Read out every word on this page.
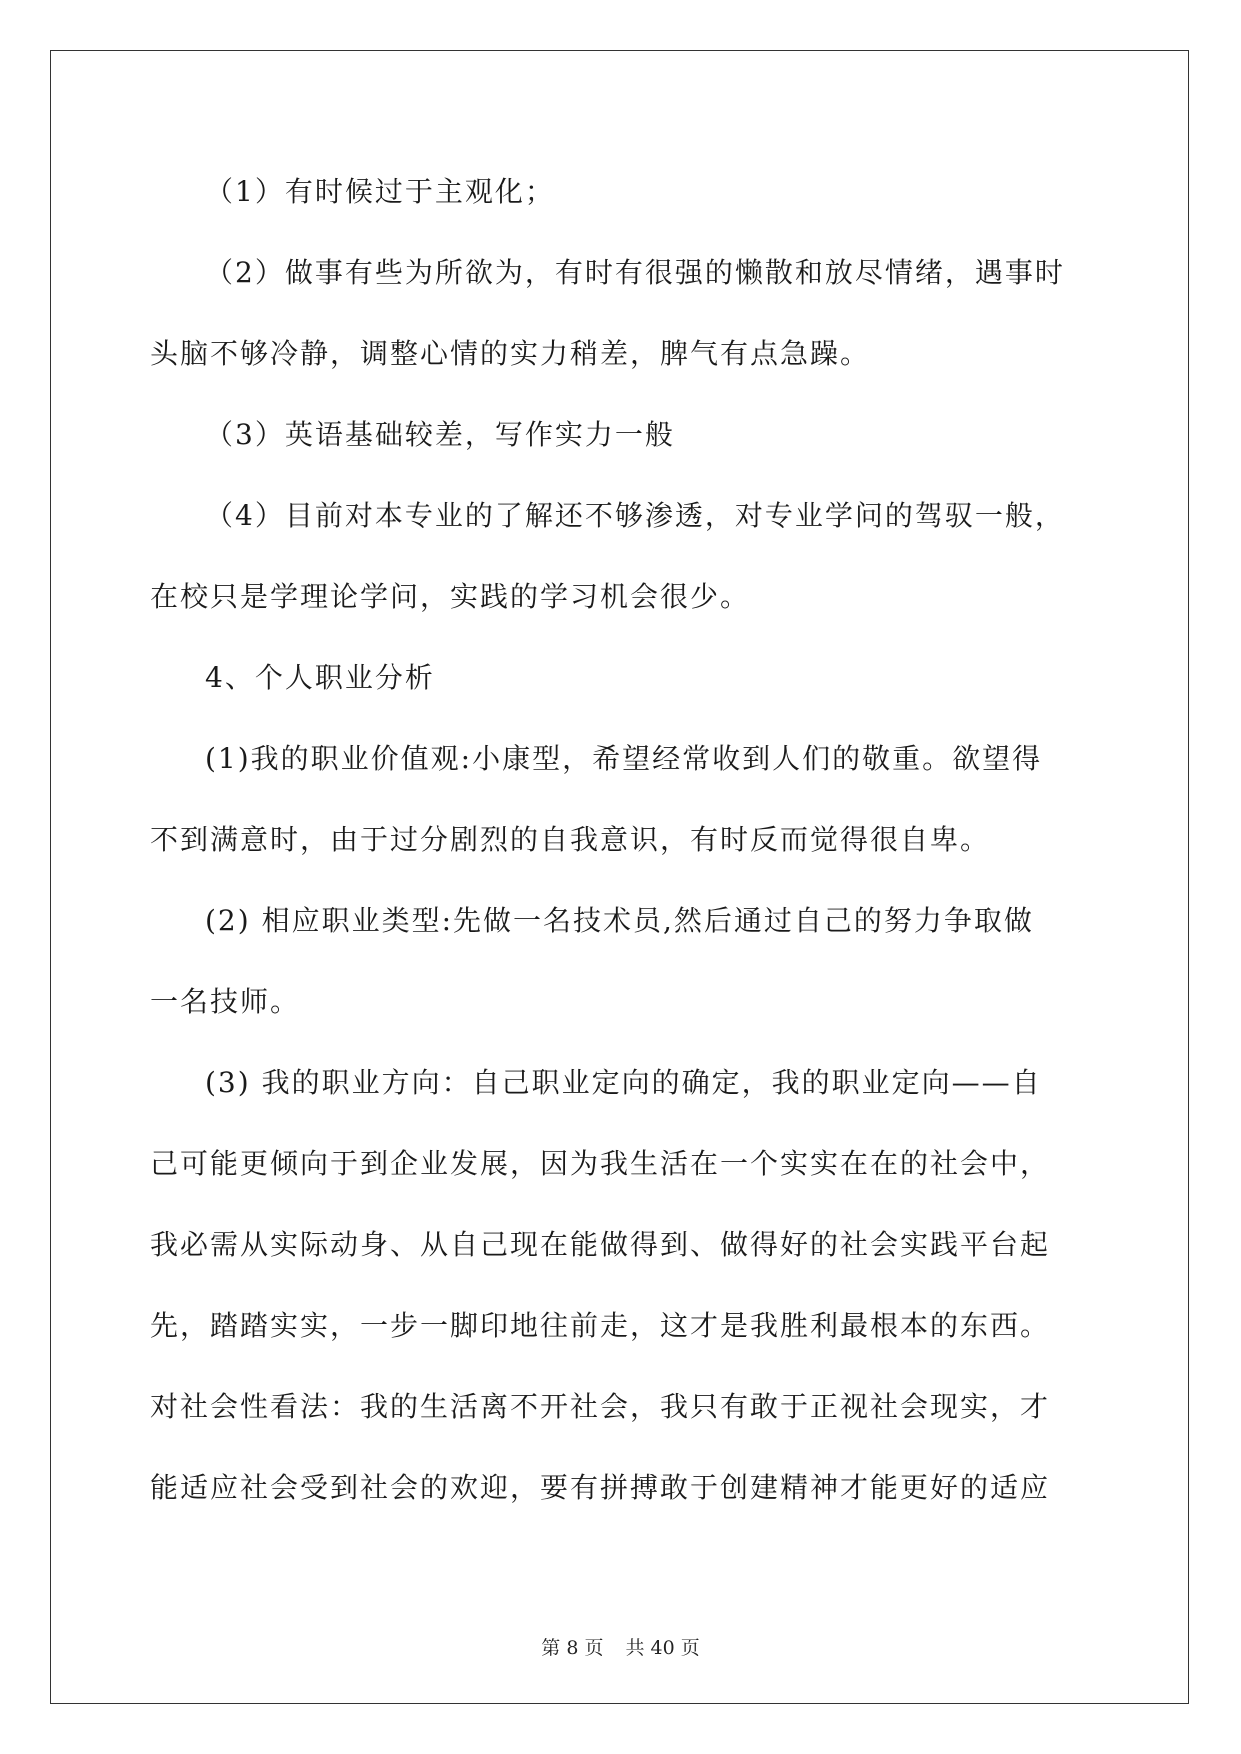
（1）有时候过于主观化；
（2）做事有些为所欲为，有时有很强的懒散和放尽情绪，遇事时
头脑不够冷静，调整心情的实力稍差，脾气有点急躁。
（3）英语基础较差，写作实力一般
（4）目前对本专业的了解还不够渗透，对专业学问的驾驭一般，
在校只是学理论学问，实践的学习机会很少。
4、个人职业分析
(1)我的职业价值观:小康型，希望经常收到人们的敬重。欲望得
不到满意时，由于过分剧烈的自我意识，有时反而觉得很自卑。
(2) 相应职业类型:先做一名技术员,然后通过自己的努力争取做
一名技师。
(3) 我的职业方向：自己职业定向的确定，我的职业定向——自
己可能更倾向于到企业发展，因为我生活在一个实实在在的社会中，
我必需从实际动身、从自己现在能做得到、做得好的社会实践平台起
先，踏踏实实，一步一脚印地往前走，这才是我胜利最根本的东西。
对社会性看法：我的生活离不开社会，我只有敢于正视社会现实，才
能适应社会受到社会的欢迎，要有拼搏敢于创建精神才能更好的适应
第 8 页 共 40 页
